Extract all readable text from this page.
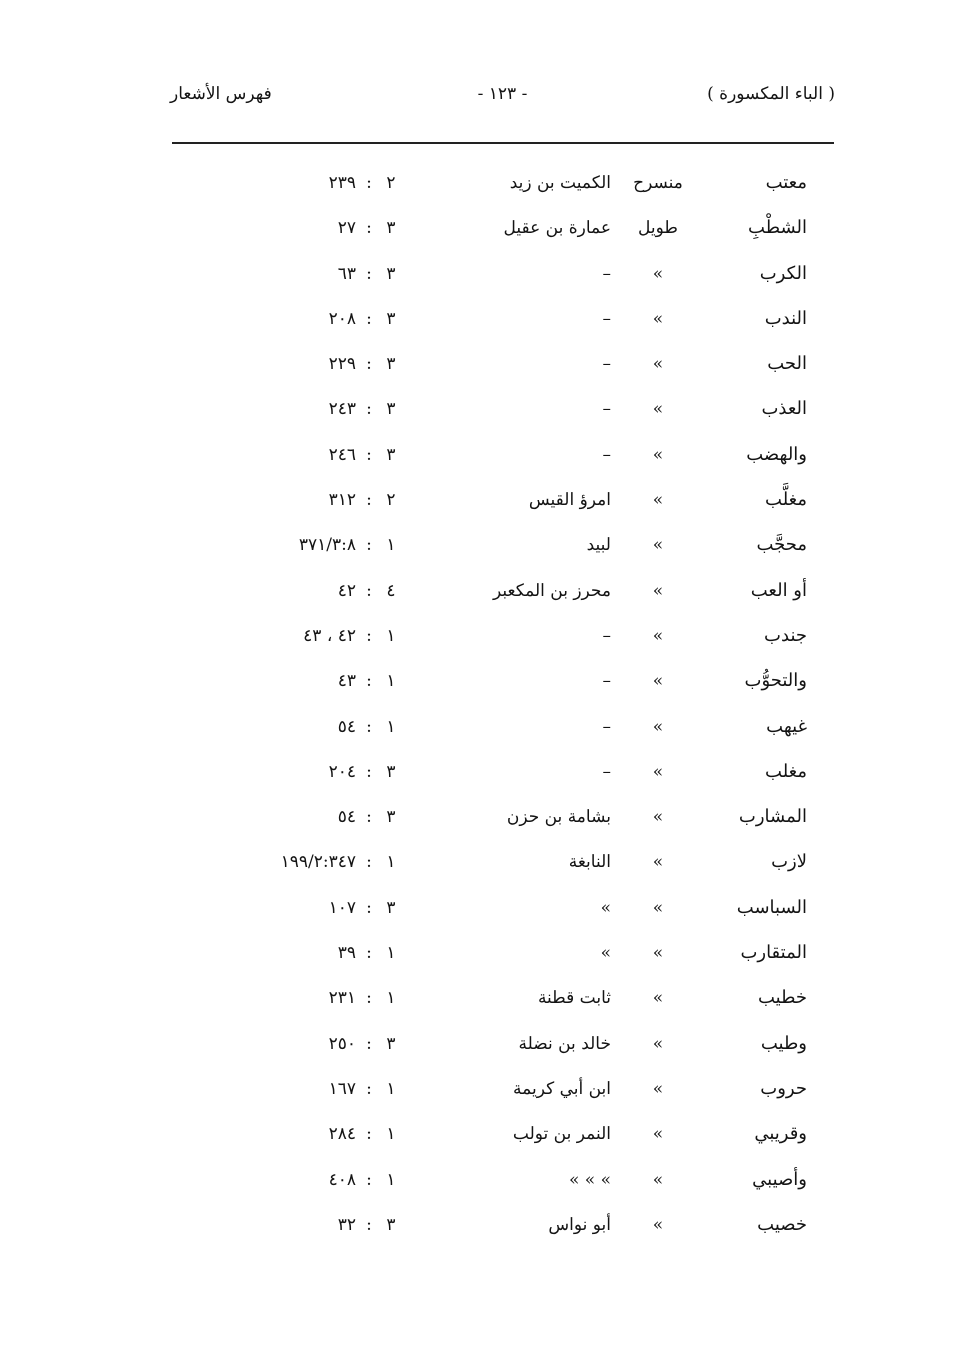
( الباء المكسورة )
- ١٢٣ -
فهرس الأشعار
معتب
منسرح
الكميت بن زيد
٢:٢٣٩
الشطْبِ
طويل
عمارة بن عقيل
٣:٢٧
الكرب
»
–
٣:٦٣
الندب
»
–
٣:٢٠٨
الحب
»
–
٣:٢٢٩
العذب
»
–
٣:٢٤٣
والهضب
»
–
٣:٢٤٦
مغلَّب
»
امرؤ القيس
٢:٣١٢
محجَّب
»
لبيد
١:٣٧١/٣:٨
أو العب
»
محرز بن المكعبر
٤:٤٢
جندب
»
–
١:٤٢ ، ٤٣
والتحوُّب
»
–
١:٤٣
غيهب
»
–
١:٥٤
مغلب
»
–
٣:٢٠٤
المشارب
»
بشامة بن حزن
٣:٥٤
لازب
»
النابغة
١:١٩٩/٢:٣٤٧
السباسب
»
»
٣:١٠٧
المتقارب
»
»
١:٣٩
خطيب
»
ثابت قطنة
١:٢٣١
وطيب
»
خالد بن نضلة
٣:٢٥٠
حروب
»
ابن أبي كريمة
١:١٦٧
وقريبي
»
النمر بن تولب
١:٢٨٤
وأصيبي
»
» » »
١:٤٠٨
خصيب
»
أبو نواس
٣:٣٢
